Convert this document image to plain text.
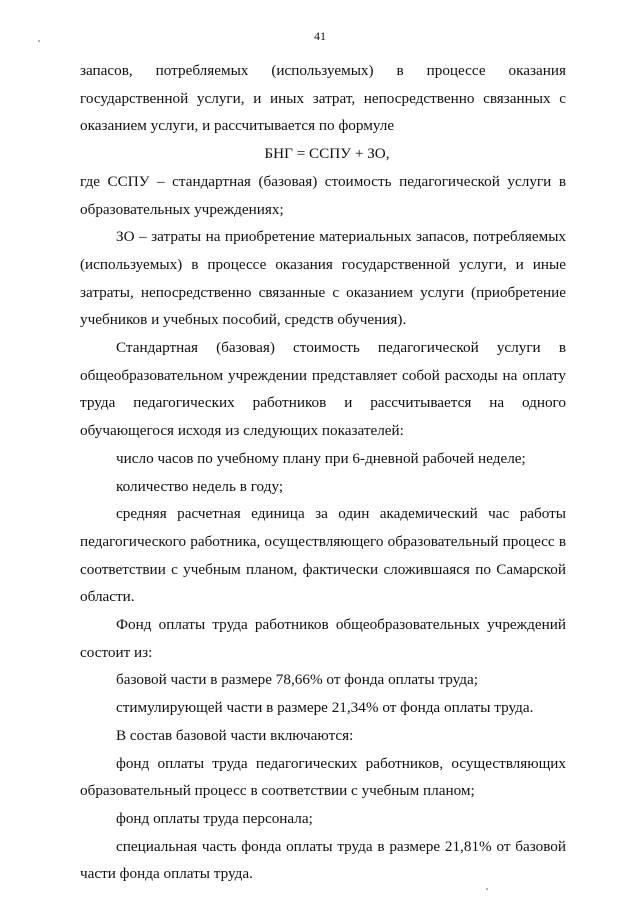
41

запасов, потребляемых (используемых) в процессе оказания государственной услуги, и иных затрат, непосредственно связанных с оказанием услуги, и рассчитывается по формуле

БНГ = ССПУ + ЗО,

где ССПУ – стандартная (базовая) стоимость педагогической услуги в образовательных учреждениях;

ЗО – затраты на приобретение материальных запасов, потребляемых (используемых) в процессе оказания государственной услуги, и иные затраты, непосредственно связанные с оказанием услуги (приобретение учебников и учебных пособий, средств обучения).

Стандартная (базовая) стоимость педагогической услуги в общеобразовательном учреждении представляет собой расходы на оплату труда педагогических работников и рассчитывается на одного обучающегося исходя из следующих показателей:

число часов по учебному плану при 6-дневной рабочей неделе;

количество недель в году;

средняя расчетная единица за один академический час работы педагогического работника, осуществляющего образовательный процесс в соответствии с учебным планом, фактически сложившаяся по Самарской области.

Фонд оплаты труда работников общеобразовательных учреждений состоит из:

базовой части в размере 78,66% от фонда оплаты труда;

стимулирующей части в размере 21,34% от фонда оплаты труда.

В состав базовой части включаются:

фонд оплаты труда педагогических работников, осуществляющих образовательный процесс в соответствии с учебным планом;

фонд оплаты труда персонала;

специальная часть фонда оплаты труда в размере 21,81% от базовой части фонда оплаты труда.
